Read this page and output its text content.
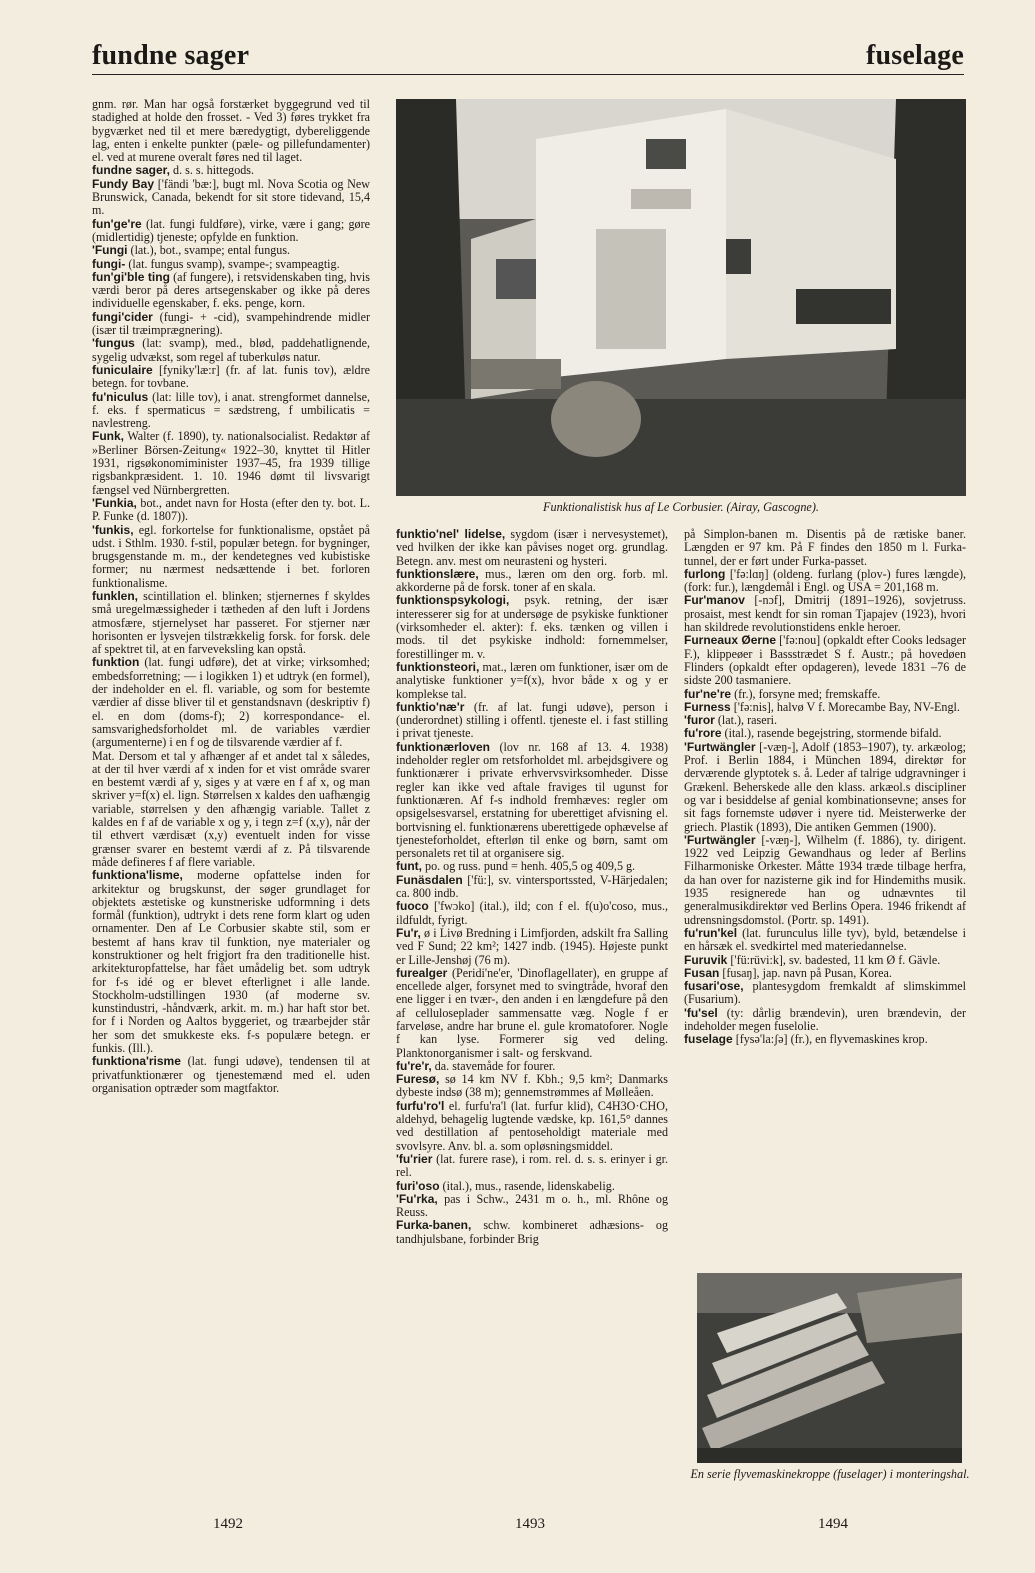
fundne sager	fuselage

gnm. rør. Man har også forstærket byggegrund ved til stadighed at holde den frosset. - Ved 3) føres trykket fra bygværket ned til et mere bæredygtigt, dybereliggende lag, enten i enkelte punkter (pæle- og pillefundamenter) el. ved at murene overalt føres ned til laget.

fundne sager, d. s. s. hittegods.

Fundy Bay ['fändi 'bæ:], bugt ml. Nova Scotia og New Brunswick, Canada, bekendt for sit store tidevand, 15,4 m.

fun'ge're (lat. fungi fuldføre), virke, være i gang; gøre (midlertidig) tjeneste; opfylde en funktion.

'Fungi (lat.), bot., svampe; ental fungus.

fungi- (lat. fungus svamp), svampe-; svampeagtig.

fun'gi'ble ting (af fungere), i retsvidenskaben ting, hvis værdi beror på deres artsegenskaber og ikke på deres individuelle egenskaber, f. eks. penge, korn.

fungi'cider (fungi- + -cid), svampehindrende midler (især til træimprægnering).

'fungus (lat: svamp), med., blød, paddehatlignende, sygelig udvækst, som regel af tuberkuløs natur.

funiculaire [fyniky'læ:r] (fr. af lat. funis tov), ældre betegn. for tovbane.

fu'niculus (lat: lille tov), i anat. strengformet dannelse, f. eks. f spermaticus = sædstreng, f umbilicatis = navlestreng.

Funk, Walter (f. 1890), ty. nationalsocialist. Redaktør af »Berliner Börsen-Zeitung« 1922–30, knyttet til Hitler 1931, rigsøkonomiminister 1937–45, fra 1939 tillige rigsbankpræsident. 1. 10. 1946 dømt til livsvarigt fængsel ved Nürnbergretten.

'Funkia, bot., andet navn for Hosta (efter den ty. bot. L. P. Funke (d. 1807)).

'funkis, egl. forkortelse for funktionalisme, opstået på udst. i Sthlm. 1930. f-stil, populær betegn. for bygninger, brugsgenstande m. m., der kendetegnes ved kubistiske former; nu nærmest nedsættende i bet. forloren funktionalisme.

funklen, scintillation el. blinken; stjernernes f skyldes små uregelmæssigheder i tætheden af den luft i Jordens atmosfære, stjernelyset har passeret. For stjerner nær horisonten er lysvejen tilstrækkelig forsk. for forsk. dele af spektret til, at en farveveksling kan opstå.

funktion (lat. fungi udføre), det at virke; virksomhed; embedsforretning; — i logikken 1) et udtryk (en formel), der indeholder en el. fl. variable, og som for bestemte værdier af disse bliver til et genstandsnavn (deskriptiv f) el. en dom (doms-f); 2) korrespondance- el. samsvarighedsforholdet ml. de variables værdier (argumenterne) i en f og de tilsvarende værdier af f.

Mat. Dersom et tal y afhænger af et andet tal x således, at der til hver værdi af x inden for et vist område svarer en bestemt værdi af y, siges y at være en f af x, og man skriver y=f(x) el. lign. Størrelsen x kaldes den uafhængig variable, størrelsen y den afhængig variable. Tallet z kaldes en f af de variable x og y, i tegn z=f (x,y), når der til ethvert værdisæt (x,y) eventuelt inden for visse grænser svarer en bestemt værdi af z. På tilsvarende måde defineres f af flere variable.

funktiona'lisme, moderne opfattelse inden for arkitektur og brugskunst, der søger grundlaget for objektets æstetiske og kunstneriske udformning i dets formål (funktion), udtrykt i dets rene form klart og uden ornamenter. Den af Le Corbusier skabte stil, som er bestemt af hans krav til funktion, nye materialer og konstruktioner og helt frigjort fra den traditionelle hist. arkitekturopfattelse, har fået umådelig bet. som udtryk for f-s idé og er blevet efterlignet i alle lande. Stockholm-udstillingen 1930 (af moderne sv. kunstindustri, -håndværk, arkit. m. m.) har haft stor bet. for f i Norden og Aaltos byggeriet, og træarbejder står her som det smukkeste eks. f-s populære betegn. er funkis. (Ill.).

funktiona'risme (lat. fungi udøve), tendensen til at privatfunktionærer og tjenestemænd med el. uden organisation optræder som magtfaktor.

Funktionalistisk hus af Le Corbusier. (Airay, Gascogne).

funktio'nel' lidelse, sygdom (især i nervesystemet), ved hvilken der ikke kan påvises noget org. grundlag. Betegn. anv. mest om neurasteni og hysteri.

funktionslære, mus., læren om den org. forb. ml. akkorderne på de forsk. toner af en skala.

funktionspsykologi, psyk. retning, der især interesserer sig for at undersøge de psykiske funktioner (virksomheder el. akter): f. eks. tænken og villen i mods. til det psykiske indhold: fornemmelser, forestillinger m. v.

funktionsteori, mat., læren om funktioner, især om de analytiske funktioner y=f(x), hvor både x og y er komplekse tal.

funktio'næ'r (fr. af lat. fungi udøve), person i (underordnet) stilling i offentl. tjeneste el. i fast stilling i privat tjeneste.

funktionærloven (lov nr. 168 af 13. 4. 1938) indeholder regler om retsforholdet ml. arbejdsgivere og funktionærer i private erhvervsvirksomheder. Disse regler kan ikke ved aftale fraviges til ugunst for funktionæren. Af f-s indhold fremhæves: regler om opsigelsesvarsel, erstatning for uberettiget afvisning el. bortvisning el. funktionærens uberettigede ophævelse af tjenesteforholdet, efterløn til enke og børn, samt om personalets ret til at organisere sig.

funt, po. og russ. pund = henh. 405,5 og 409,5 g.

Funäsdalen ['fü:], sv. vintersportssted, V-Härjedalen; ca. 800 indb.

fuoco ['fwɔko] (ital.), ild; con f el. f(u)o'coso, mus., ildfuldt, fyrigt.

Fu'r, ø i Livø Bredning i Limfjorden, adskilt fra Salling ved F Sund; 22 km²; 1427 indb. (1945). Højeste punkt er Lille-Jenshøj (76 m).

furealger (Peridi'ne'er, 'Dinoflagellater), en gruppe af encellede alger, forsynet med to svingtråde, hvoraf den ene ligger i en tvær-, den anden i en længdefure på den af celluloseplader sammensatte væg. Nogle f er farveløse, andre har brune el. gule kromatoforer. Nogle f kan lyse. Formerer sig ved deling. Planktonorganismer i salt- og ferskvand.

fu're'r, da. stavemåde for fourer.

Furesø, sø 14 km NV f. Kbh.; 9,5 km²; Danmarks dybeste indsø (38 m); gennemstrømmes af Mølleåen.

furfu'ro'l el. furfu'ra'l (lat. furfur klid), C4H3O·CHO, aldehyd, behagelig lugtende vædske, kp. 161,5° dannes ved destillation af pentoseholdigt materiale med svovlsyre. Anv. bl. a. som opløsningsmiddel.

'fu'rier (lat. furere rase), i rom. rel. d. s. s. erinyer i gr. rel.

furi'oso (ital.), mus., rasende, lidenskabelig.

'Fu'rka, pas i Schw., 2431 m o. h., ml. Rhône og Reuss.

Furka-banen, schw. kombineret adhæsions- og tandhjulsbane, forbinder Brig

på Simplon-banen m. Disentis på de rætiske baner. Længden er 97 km. På F findes den 1850 m l. Furka-tunnel, der er ført under Furka-passet.

furlong ['fə:lɑŋ] (oldeng. furlang (plov-) fures længde), (fork: fur.), længdemål i Engl. og USA = 201,168 m.

Fur'manov [-nɔf], Dmitrij (1891–1926), sovjetruss. prosaist, mest kendt for sin roman Tjapajev (1923), hvori han skildrede revolutionstidens enkle heroer.

Furneaux Øerne ['fə:nou] (opkaldt efter Cooks ledsager F.), klippeøer i Bassstrædet S f. Austr.; på hovedøen Flinders (opkaldt efter opdageren), levede 1831 –76 de sidste 200 tasmaniere.

fur'ne're (fr.), forsyne med; fremskaffe.

Furness ['fə:nis], halvø V f. Morecambe Bay, NV-Engl.

'furor (lat.), raseri.

fu'rore (ital.), rasende begejstring, stormende bifald.

'Furtwängler [-væŋ-], Adolf (1853–1907), ty. arkæolog; Prof. i Berlin 1884, i München 1894, direktør for derværende glyptotek s. å. Leder af talrige udgravninger i Grækenl. Beherskede alle den klass. arkæol.s discipliner og var i besiddelse af genial kombinationsevne; anses for sit fags fornemste udøver i nyere tid. Meisterwerke der griech. Plastik (1893), Die antiken Gemmen (1900).

'Furtwängler [-væŋ-], Wilhelm (f. 1886), ty. dirigent. 1922 ved Leipzig Gewandhaus og leder af Berlins Filharmoniske Orkester. Måtte 1934 træde tilbage herfra, da han over for nazisterne gik ind for Hindemiths musik. 1935 resignerede han og udnævntes til generalmusikdirektør ved Berlins Opera. 1946 frikendt af udrensningsdomstol. (Portr. sp. 1491).

fu'run'kel (lat. furunculus lille tyv), byld, betændelse i en hårsæk el. svedkirtel med materiedannelse.

Furuvik ['fü:rüvi:k], sv. badested, 11 km Ø f. Gävle.

Fusan [fusaŋ], jap. navn på Pusan, Korea.

fusari'ose, plantesygdom fremkaldt af slimskimmel (Fusarium).

'fu'sel (ty: dårlig brændevin), uren brændevin, der indeholder megen fuselolie.

fuselage [fysə'la:ʃə] (fr.), en flyvemaskines krop.

En serie flyvemaskinekroppe (fuselager) i monteringshal.
1492	1493	1494
